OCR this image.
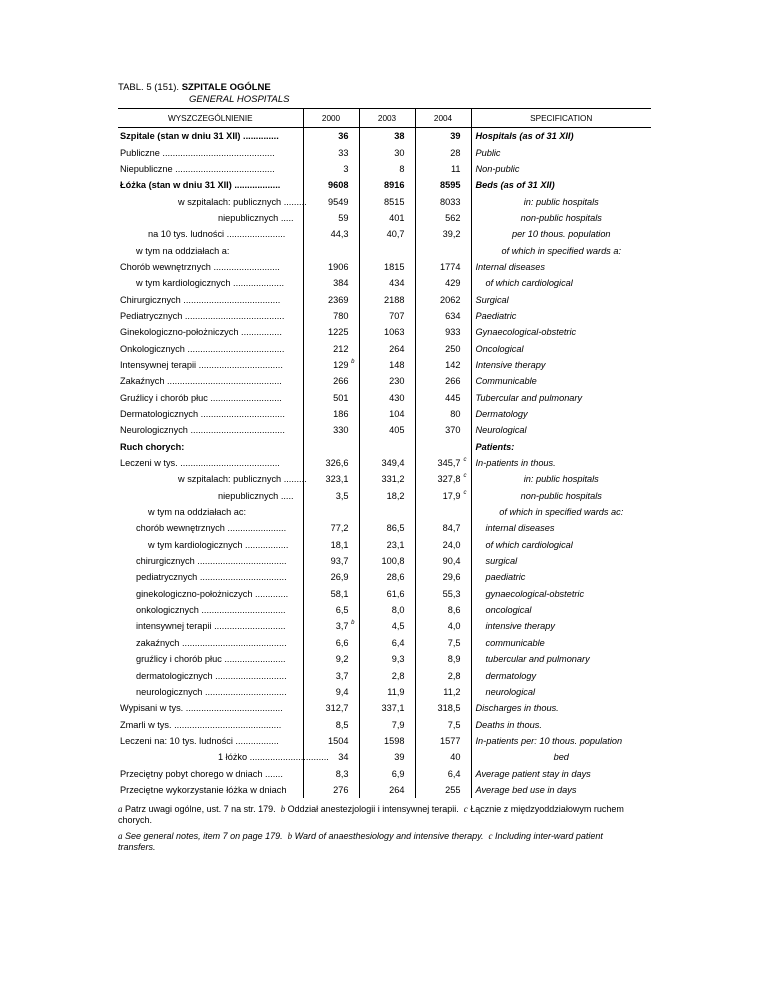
TABL. 5 (151). SZPITALE OGÓLNE
GENERAL HOSPITALS
WYSZCZEGÓLNIENIE	2000	2003	2004	SPECIFICATION
Szpitale (stan w dniu 31 XII) ..............	36	38	39	Hospitals (as of 31 XII)
Publiczne ............................................	33	30	28	Public
Niepubliczne .......................................	3	8	11	Non-public
Łóżka (stan w dniu 31 XII) ..................	9608	8916	8595	Beds (as of 31 XII)
w szpitalach: publicznych .........	9549	8515	8033	in: public hospitals
niepublicznych .....	59	401	562	non-public hospitals
na 10 tys. ludności .......................	44,3	40,7	39,2	per 10 thous. population
w tym na oddziałach a:				of which in specified wards a:
Chorób wewnętrznych ..........................	1906	1815	1774	Internal diseases
w tym kardiologicznych ....................	384	434	429	of which cardiological
Chirurgicznych ......................................	2369	2188	2062	Surgical
Pediatrycznych .......................................	780	707	634	Paediatric
Ginekologiczno-położniczych ................	1225	1063	933	Gynaecological-obstetric
Onkologicznych ......................................	212	264	250	Oncological
Intensywnej terapii .................................	129 b	148	142	Intensive therapy
Zakaźnych .............................................	266	230	266	Communicable
Gruźlicy i chorób płuc ............................	501	430	445	Tubercular and pulmonary
Dermatologicznych .................................	186	104	80	Dermatology
Neurologicznych .....................................	330	405	370	Neurological
Ruch chorych:				Patients:
Leczeni w tys. .......................................	326,6	349,4	345,7 c	In-patients in thous.
w szpitalach: publicznych .........	323,1	331,2	327,8 c	in: public hospitals
niepublicznych .....	3,5	18,2	17,9 c	non-public hospitals
w tym na oddziałach ac:				of which in specified wards ac:
chorób wewnętrznych .......................	77,2	86,5	84,7	internal diseases
w tym kardiologicznych .................	18,1	23,1	24,0	of which cardiological
chirurgicznych ...................................	93,7	100,8	90,4	surgical
pediatrycznych ..................................	26,9	28,6	29,6	paediatric
ginekologiczno-położniczych .............	58,1	61,6	55,3	gynaecological-obstetric
onkologicznych .................................	6,5	8,0	8,6	oncological
intensywnej terapii ............................	3,7 b	4,5	4,0	intensive therapy
zakaźnych .........................................	6,6	6,4	7,5	communicable
gruźlicy i chorób płuc ........................	9,2	9,3	8,9	tubercular and pulmonary
dermatologicznych ............................	3,7	2,8	2,8	dermatology
neurologicznych ................................	9,4	11,9	11,2	neurological
Wypisani w tys. ......................................	312,7	337,1	318,5	Discharges in thous.
Zmarli w tys. ..........................................	8,5	7,9	7,5	Deaths in thous.
Leczeni na: 10 tys. ludności .................	1504	1598	1577	In-patients per: 10 thous. population
1 łóżko ...............................	34	39	40	bed
Przeciętny pobyt chorego w dniach .......	8,3	6,9	6,4	Average patient stay in days
Przeciętne wykorzystanie łóżka w dniach	276	264	255	Average bed use in days

a Patrz uwagi ogólne, ust. 7 na str. 179. b Oddział anestezjologii i intensywnej terapii. c Łącznie z międzyoddziałowym ruchem chorych.

a See general notes, item 7 on page 179. b Ward of anaesthesiology and intensive therapy. c Including inter-ward patient transfers.
